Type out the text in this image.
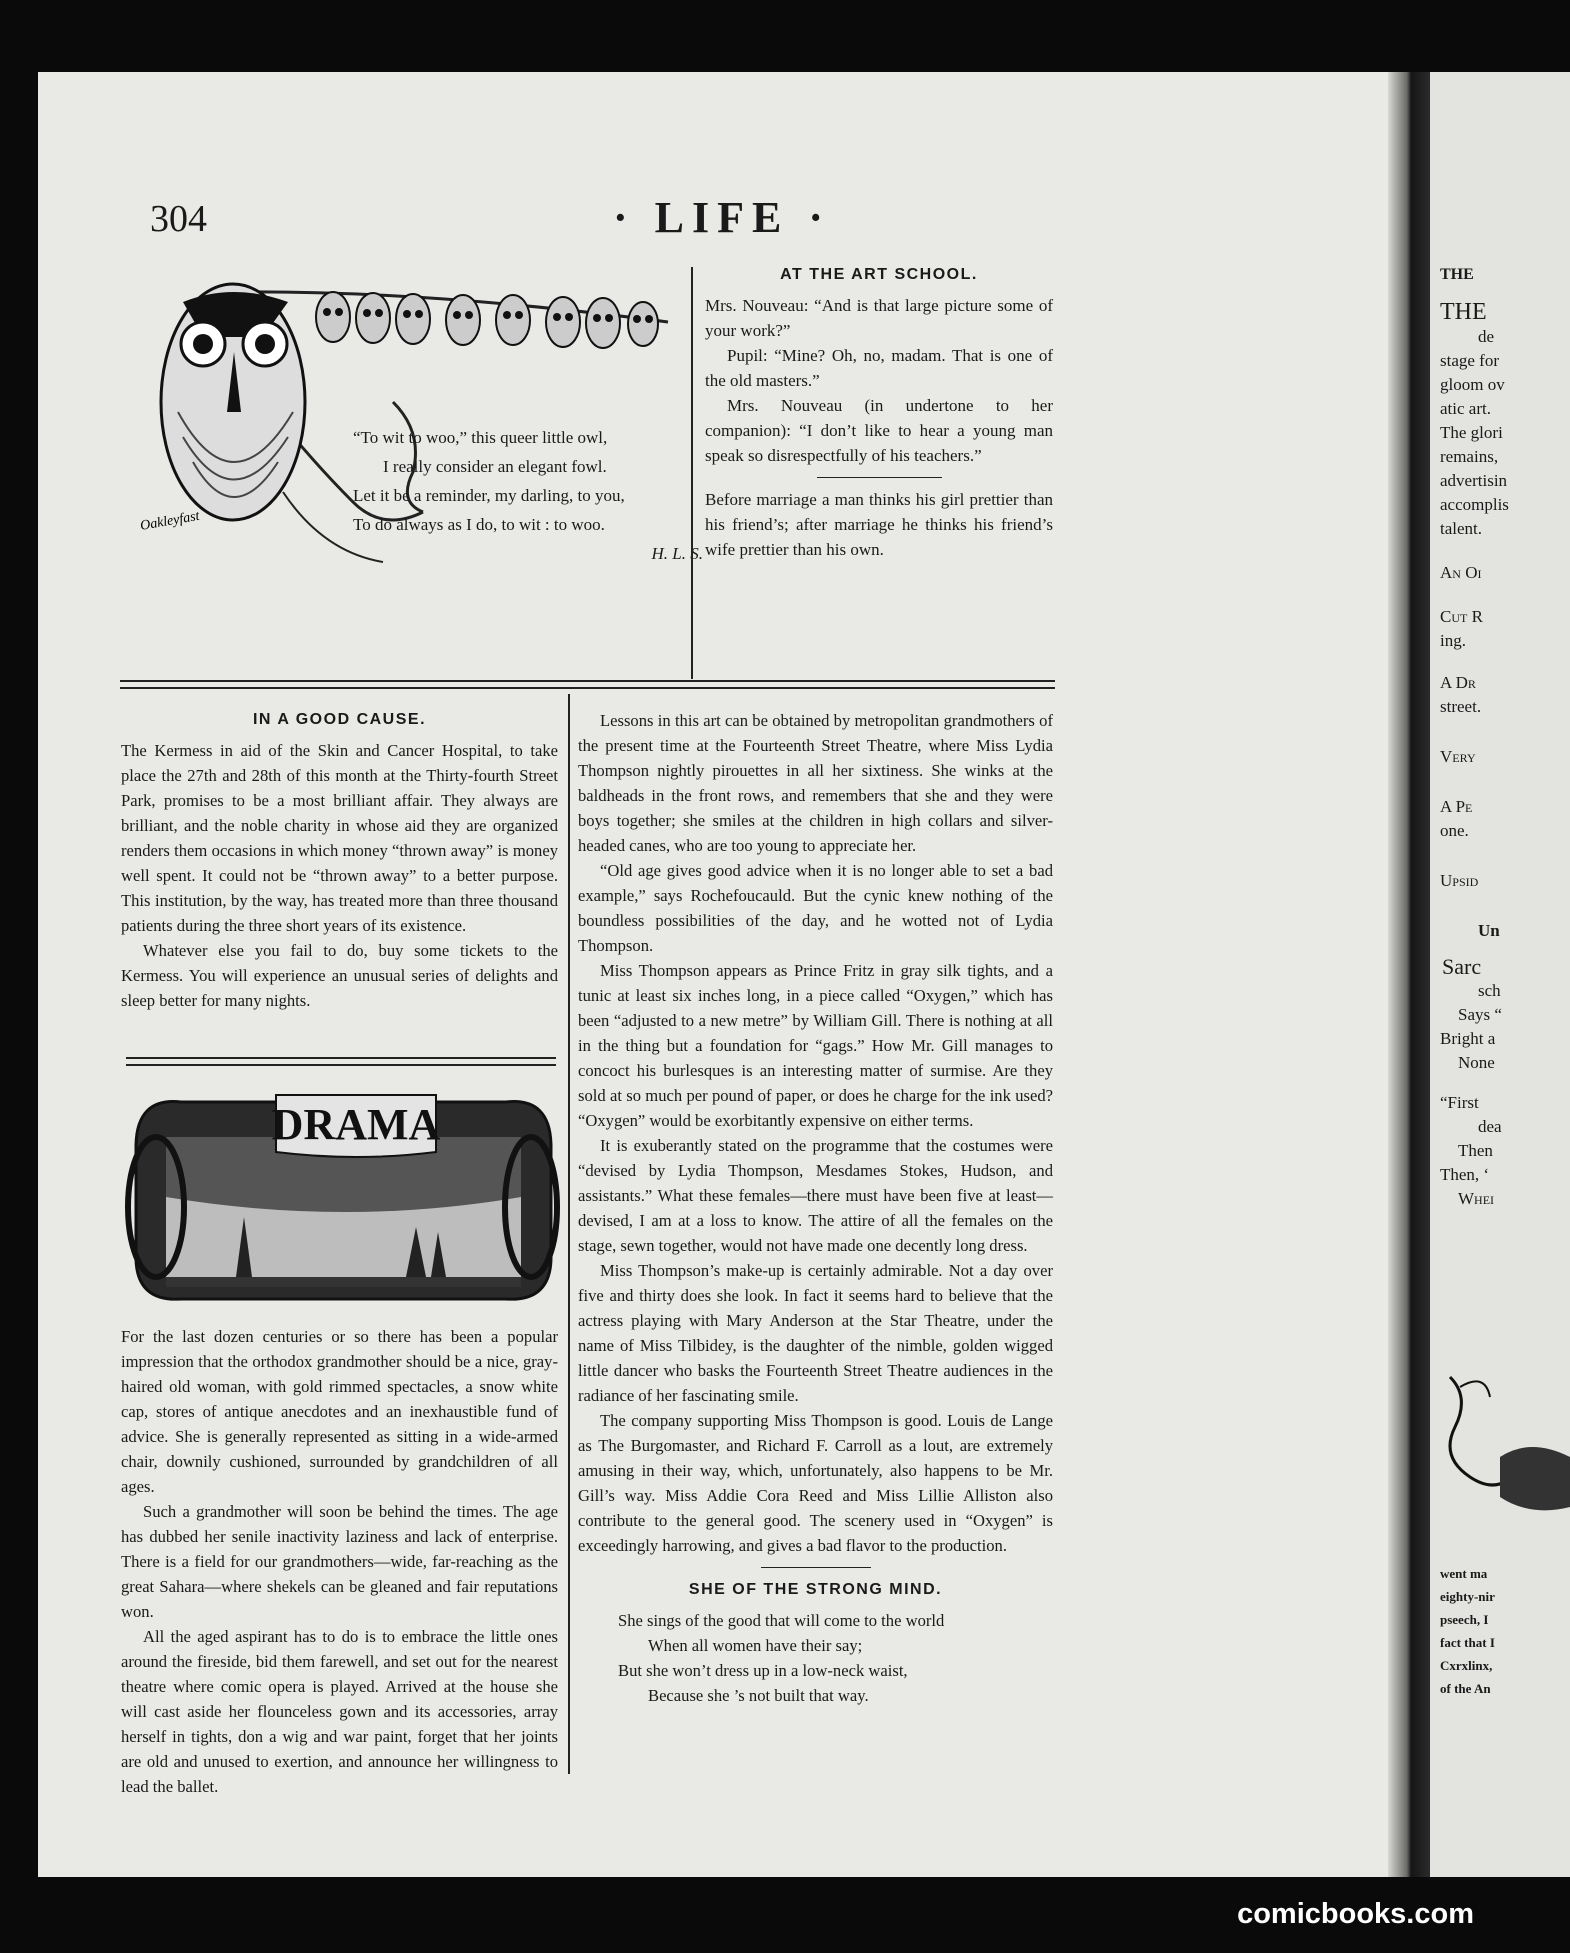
304	· LIFE ·
Oakleyfast
“To wit to woo,” this queer little owl,
I really consider an elegant fowl.
Let it be a reminder, my darling, to you,
To do always as I do, to wit : to woo.
H. L. S.
AT THE ART SCHOOL.

Mrs. Nouveau: “And is that large picture some of your work?”

Pupil: “Mine? Oh, no, madam. That is one of the old masters.”

Mrs. Nouveau (in undertone to her companion): “I don’t like to hear a young man speak so disrespectfully of his teachers.”

Before marriage a man thinks his girl prettier than his friend’s; after marriage he thinks his friend’s wife prettier than his own.

IN A GOOD CAUSE.

The Kermess in aid of the Skin and Cancer Hospital, to take place the 27th and 28th of this month at the Thirty-fourth Street Park, promises to be a most brilliant affair. They always are brilliant, and the noble charity in whose aid they are organized renders them occasions in which money “thrown away” is money well spent. It could not be “thrown away” to a better purpose. This institution, by the way, has treated more than three thousand patients during the three short years of its existence.

Whatever else you fail to do, buy some tickets to the Kermess. You will experience an unusual series of delights and sleep better for many nights.

DRAMA

For the last dozen centuries or so there has been a popular impression that the orthodox grandmother should be a nice, gray-haired old woman, with gold rimmed spectacles, a snow white cap, stores of antique anecdotes and an inexhaustible fund of advice. She is generally represented as sitting in a wide-armed chair, downily cushioned, surrounded by grandchildren of all ages.

Such a grandmother will soon be behind the times. The age has dubbed her senile inactivity laziness and lack of enterprise. There is a field for our grandmothers—wide, far-reaching as the great Sahara—where shekels can be gleaned and fair reputations won.

All the aged aspirant has to do is to embrace the little ones around the fireside, bid them farewell, and set out for the nearest theatre where comic opera is played. Arrived at the house she will cast aside her flounceless gown and its accessories, array herself in tights, don a wig and war paint, forget that her joints are old and unused to exertion, and announce her willingness to lead the ballet.

Lessons in this art can be obtained by metropolitan grandmothers of the present time at the Fourteenth Street Theatre, where Miss Lydia Thompson nightly pirouettes in all her sixtiness. She winks at the baldheads in the front rows, and remembers that she and they were boys together; she smiles at the children in high collars and silver-headed canes, who are too young to appreciate her.

“Old age gives good advice when it is no longer able to set a bad example,” says Rochefoucauld. But the cynic knew nothing of the boundless possibilities of the day, and he wotted not of Lydia Thompson.

Miss Thompson appears as Prince Fritz in gray silk tights, and a tunic at least six inches long, in a piece called “Oxygen,” which has been “adjusted to a new metre” by William Gill. There is nothing at all in the thing but a foundation for “gags.” How Mr. Gill manages to concoct his burlesques is an interesting matter of surmise. Are they sold at so much per pound of paper, or does he charge for the ink used? “Oxygen” would be exorbitantly expensive on either terms.

It is exuberantly stated on the programme that the costumes were “devised by Lydia Thompson, Mesdames Stokes, Hudson, and assistants.” What these females—there must have been five at least—devised, I am at a loss to know. The attire of all the females on the stage, sewn together, would not have made one decently long dress.

Miss Thompson’s make-up is certainly admirable. Not a day over five and thirty does she look. In fact it seems hard to believe that the actress playing with Mary Anderson at the Star Theatre, under the name of Miss Tilbidey, is the daughter of the nimble, golden wigged little dancer who basks the Fourteenth Street Theatre audiences in the radiance of her fascinating smile.

The company supporting Miss Thompson is good. Louis de Lange as The Burgomaster, and Richard F. Carroll as a lout, are extremely amusing in their way, which, unfortunately, also happens to be Mr. Gill’s way. Miss Addie Cora Reed and Miss Lillie Alliston also contribute to the general good. The scenery used in “Oxygen” is exceedingly harrowing, and gives a bad flavor to the production.

SHE OF THE STRONG MIND.
She sings of the good that will come to the world
When all women have their say;
But she won’t dress up in a low-neck waist,
Because she ’s not built that way.
THE
THE
de
stage for
gloom ov
atic art.
The glori
remains,
advertisin
accomplis
talent.
An Oi
Cut R
ing.
A Dr
street.
Very
A Pe
one.
Upsid
Un
Sarc
sch
Says “
Bright a
None
“First
dea
Then
Then, ‘
Whei
went ma
eighty-nir
pseech, I
fact that I
Cxrxlinx,
of the An
comicbooks.com
